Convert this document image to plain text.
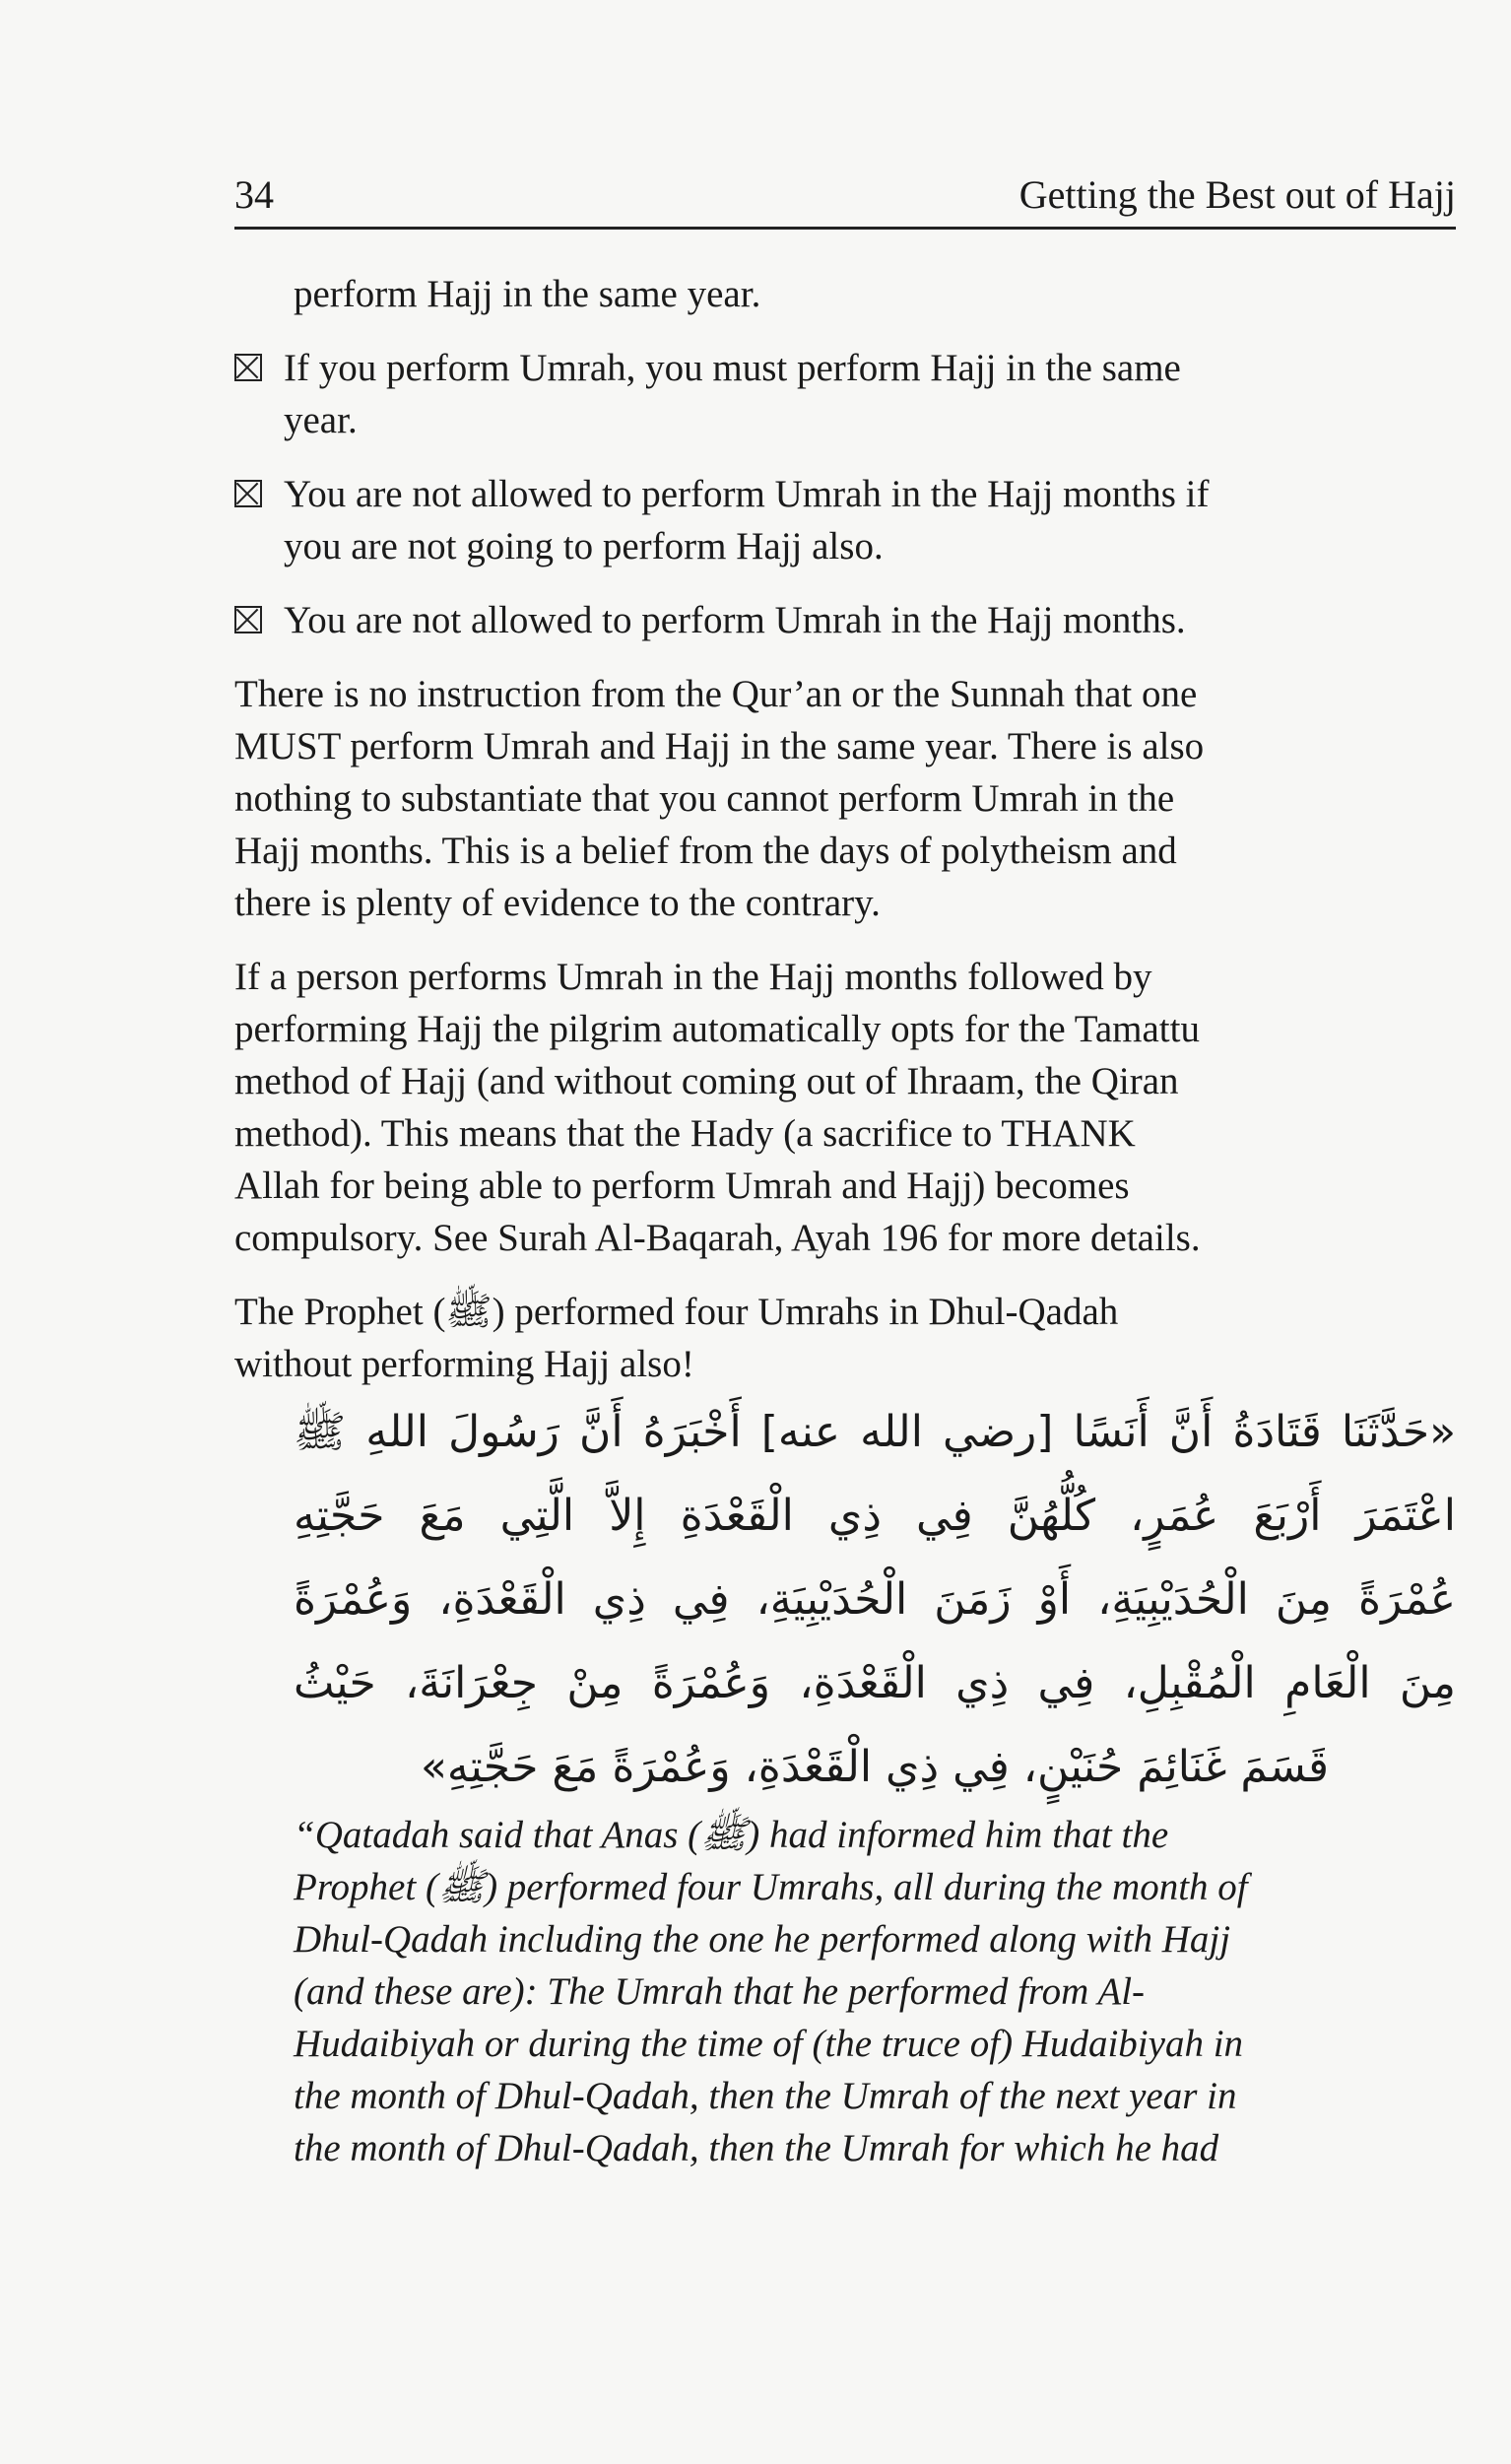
34	Getting the Best out of Hajj
perform Hajj in the same year.
If you perform Umrah, you must perform Hajj in the same
year.
You are not allowed to perform Umrah in the Hajj months if
you are not going to perform Hajj also.
You are not allowed to perform Umrah in the Hajj months.
There is no instruction from the Qur’an or the Sunnah that one
MUST perform Umrah and Hajj in the same year. There is also
nothing to substantiate that you cannot perform Umrah in the
Hajj months. This is a belief from the days of polytheism and
there is plenty of evidence to the contrary.
If a person performs Umrah in the Hajj months followed by
performing Hajj the pilgrim automatically opts for the Tamattu
method of Hajj (and without coming out of Ihraam, the Qiran
method). This means that the Hady (a sacrifice to THANK
Allah for being able to perform Umrah and Hajj) becomes
compulsory. See Surah Al-Baqarah, Ayah 196 for more details.
The Prophet (ﷺ) performed four Umrahs in Dhul-Qadah
without performing Hajj also!
«حَدَّثَنَا قَتَادَةُ أَنَّ أَنَسًا [رضي الله عنه] أَخْبَرَهُ أَنَّ رَسُولَ اللهِ ﷺ
اعْتَمَرَ أَرْبَعَ عُمَرٍ، كُلُّهُنَّ فِي ذِي الْقَعْدَةِ إِلاَّ الَّتِي مَعَ حَجَّتِهِ
عُمْرَةً مِنَ الْحُدَيْبِيَةِ، أَوْ زَمَنَ الْحُدَيْبِيَةِ، فِي ذِي الْقَعْدَةِ، وَعُمْرَةً
مِنَ الْعَامِ الْمُقْبِلِ، فِي ذِي الْقَعْدَةِ، وَعُمْرَةً مِنْ جِعْرَانَةَ، حَيْثُ
قَسَمَ غَنَائِمَ حُنَيْنٍ، فِي ذِي الْقَعْدَةِ، وَعُمْرَةً مَعَ حَجَّتِهِ»
“Qatadah said that Anas (ﷺ) had informed him that the
Prophet (ﷺ) performed four Umrahs, all during the month of
Dhul-Qadah including the one he performed along with Hajj
(and these are): The Umrah that he performed from Al-
Hudaibiyah or during the time of (the truce of) Hudaibiyah in
the month of Dhul-Qadah, then the Umrah of the next year in
the month of Dhul-Qadah, then the Umrah for which he had
